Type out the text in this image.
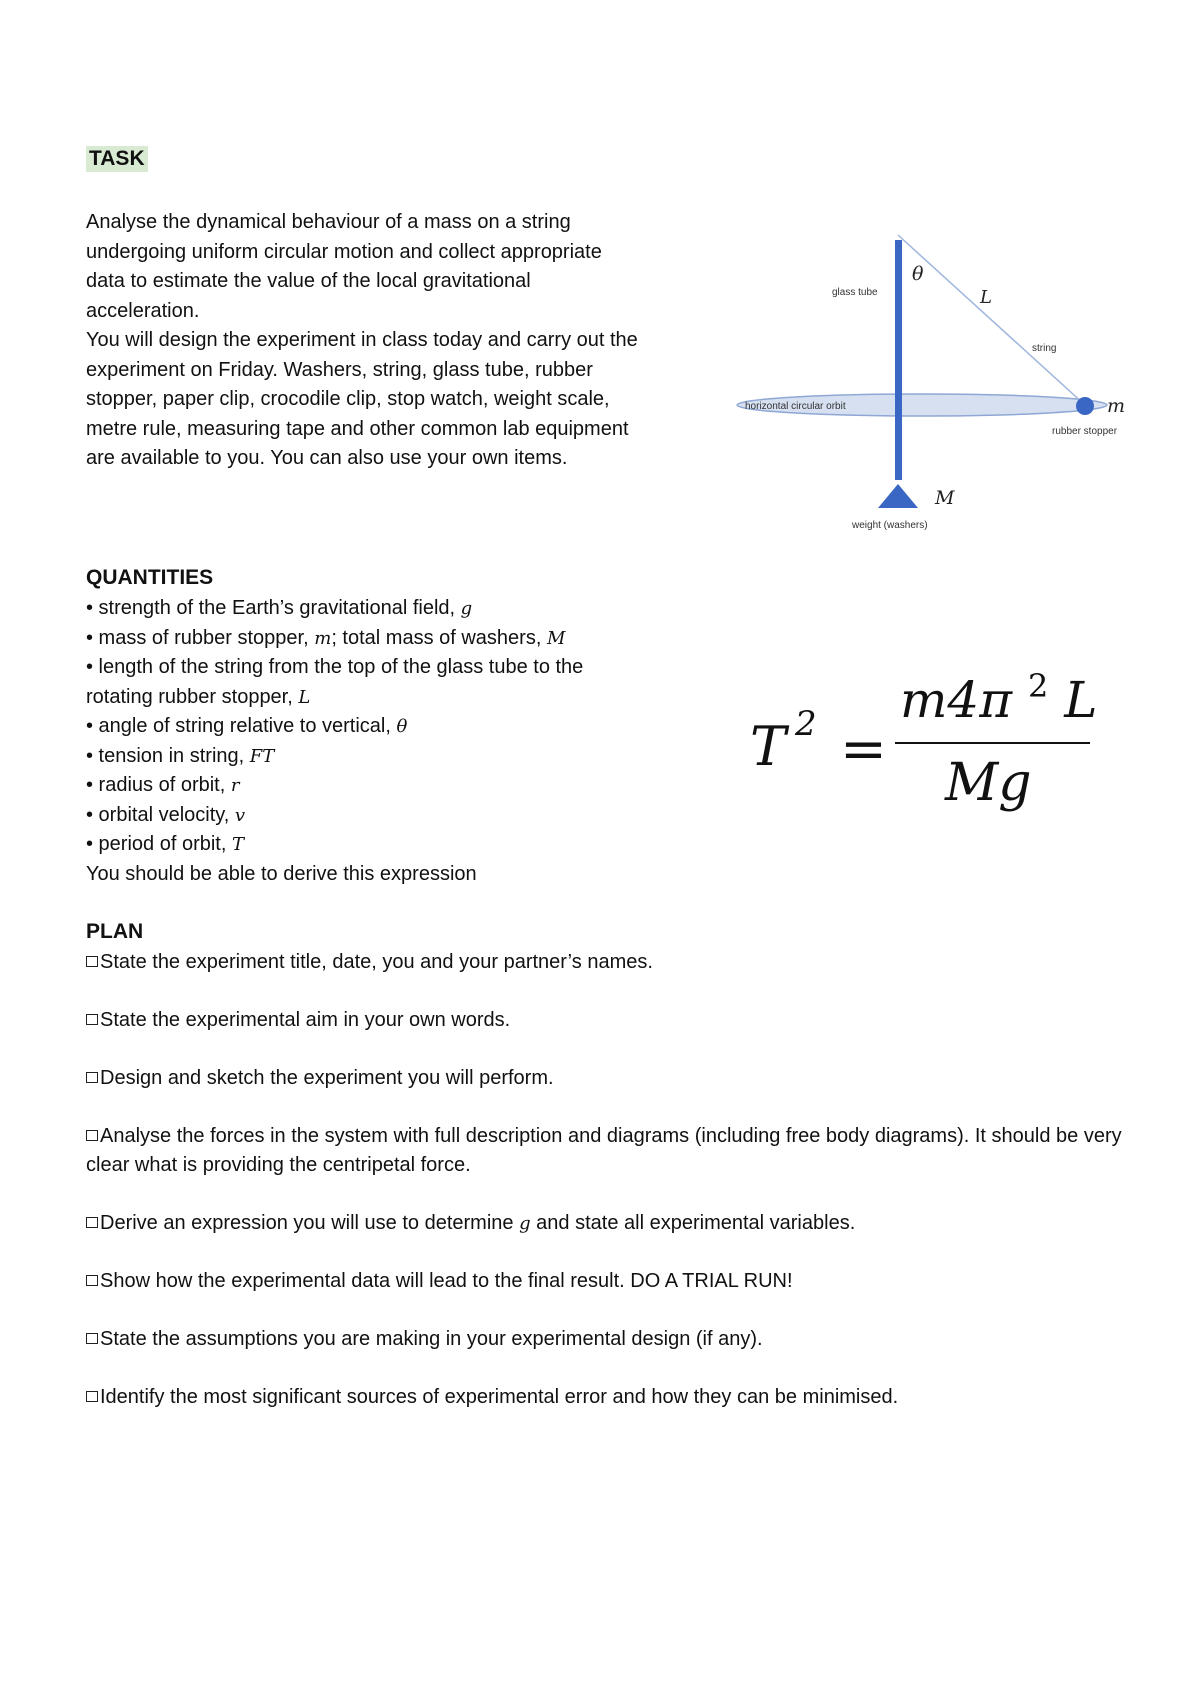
TASK
Analyse the dynamical behaviour of a mass on a string undergoing uniform circular motion and collect appropriate data to estimate the value of the local gravitational acceleration.
You will design the experiment in class today and carry out the experiment on Friday. Washers, string, glass tube, rubber stopper, paper clip, crocodile clip, stop watch, weight scale, metre rule, measuring tape and other common lab equipment are available to you. You can also use your own items.
glass tube
θ
L
string
horizontal circular orbit	m
rubber stopper
M
weight (washers)
QUANTITIES
• strength of the Earth’s gravitational field, g
• mass of rubber stopper, m; total mass of washers, M
• length of the string from the top of the glass tube to the
rotating rubber stopper, L
• angle of string relative to vertical, θ
• tension in string, FT
• radius of orbit, r
• orbital velocity, v
• period of orbit, T
You should be able to derive this expression
T 2 =
m4π $^2$ L
Mg
PLAN
State the experiment title, date, you and your partner’s names.
State the experimental aim in your own words.
Design and sketch the experiment you will perform.
Analyse the forces in the system with full description and diagrams (including free body diagrams). It should be very clear what is providing the centripetal force.
Derive an expression you will use to determine g and state all experimental variables.
Show how the experimental data will lead to the final result. DO A TRIAL RUN!
State the assumptions you are making in your experimental design (if any).
Identify the most significant sources of experimental error and how they can be minimised.
